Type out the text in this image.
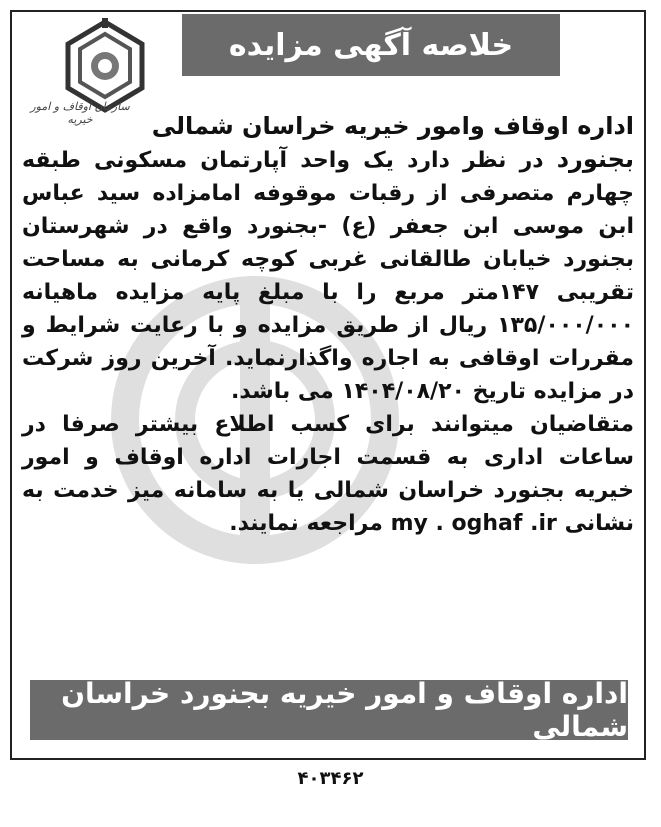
خلاصه آگهی مزایده
سازمان اوقاف و امور خیریه	اداره اوقاف وامور خیریه خراسان شمالی

بجنورد در نظر دارد یک واحد آپارتمان مسکونی طبقه چهارم متصرفی از رقبات موقوفه امامزاده سید عباس ابن موسی ابن جعفر (ع) -بجنورد واقع در شهرستان بجنورد خیابان طالقانی غربی کوچه کرمانی به مساحت تقریبی ۱۴۷متر مربع را با مبلغ پایه مزایده ماهیانه ۱۳۵/۰۰۰/۰۰۰ ریال از طریق مزایده و با رعایت شرایط و مقررات اوقافی به اجاره واگذارنماید. آخرین روز شرکت در مزایده تاریخ ۱۴۰۴/۰۸/۲۰ می باشد.

متقاضیان میتوانند برای کسب اطلاع بیشتر صرفا در ساعات اداری به قسمت اجارات اداره اوقاف و امور خیریه بجنورد خراسان شمالی یا به سامانه میز خدمت به نشانی my . oghaf .ir مراجعه نمایند.

اداره اوقاف و امور خیریه بجنورد خراسان شمالی
۴۰۳۴۶۲
